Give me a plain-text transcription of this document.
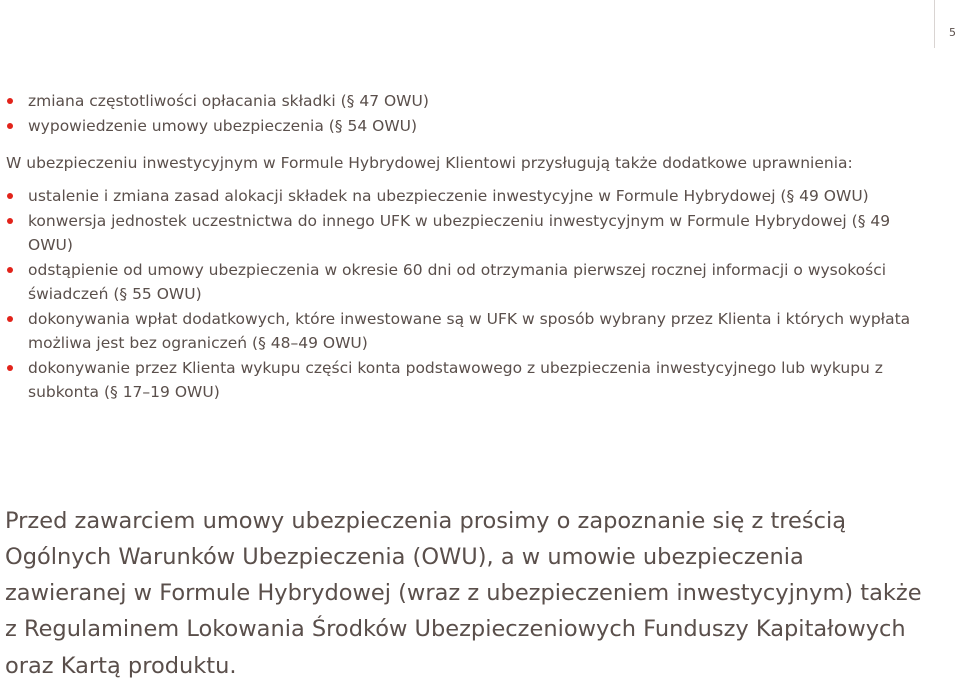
5
zmiana częstotliwości opłacania składki (§ 47 OWU)
wypowiedzenie umowy ubezpieczenia (§ 54 OWU)
W ubezpieczeniu inwestycyjnym w Formule Hybrydowej Klientowi przysługują także dodatkowe uprawnienia:
ustalenie i zmiana zasad alokacji składek na ubezpieczenie inwestycyjne w Formule Hybrydowej (§ 49 OWU)
konwersja jednostek uczestnictwa do innego UFK w ubezpieczeniu inwestycyjnym w Formule Hybrydowej (§ 49 OWU)
odstąpienie od umowy ubezpieczenia w okresie 60 dni od otrzymania pierwszej rocznej informacji o wysokości świadczeń (§ 55 OWU)
dokonywania wpłat dodatkowych, które inwestowane są w UFK w sposób wybrany przez Klienta i których wypłata możliwa jest bez ograniczeń (§ 48–49 OWU)
dokonywanie przez Klienta wykupu części konta podstawowego z ubezpieczenia inwestycyjnego lub wykupu z subkonta (§ 17–19 OWU)

Przed zawarciem umowy ubezpieczenia prosimy o zapoznanie się z treścią Ogólnych Warunków Ubezpieczenia (OWU), a w umowie ubezpieczenia zawieranej w Formule Hybrydowej (wraz z ubezpieczeniem inwestycyjnym) także z Regulaminem Lokowania Środków Ubezpieczeniowych Funduszy Kapitałowych oraz Kartą produktu.
